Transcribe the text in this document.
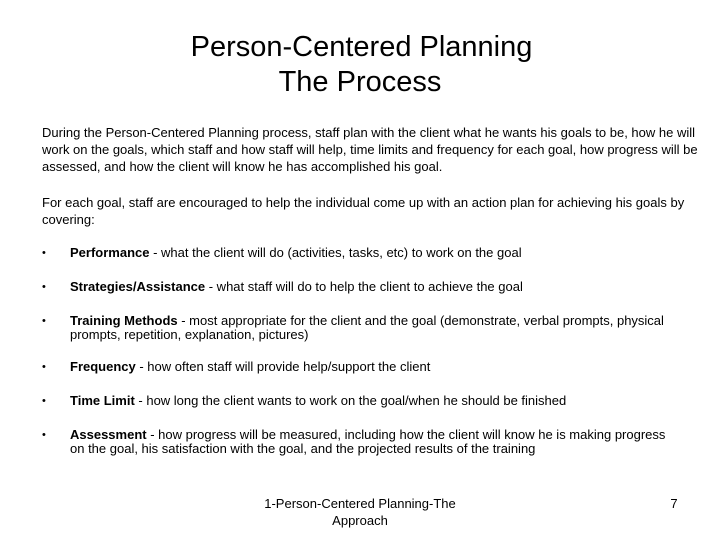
Person-Centered Planning
The Process

During the Person-Centered Planning process, staff plan with the client what he wants his goals to be, how he will work on the goals, which staff and how staff will help, time limits and frequency for each goal, how progress will be assessed, and how the client will know he has accomplished his goal.

For each goal, staff are encouraged to help the individual come up with an action plan for achieving his goals by covering:

• Performance - what the client will do (activities, tasks, etc) to work on the goal
• Strategies/Assistance - what staff will do to help the client to achieve the goal
• Training Methods - most appropriate for the client and the goal (demonstrate, verbal prompts, physical prompts, repetition, explanation, pictures)
• Frequency - how often staff will provide help/support the client
• Time Limit - how long the client wants to work on the goal/when he should be finished
• Assessment - how progress will be measured, including how the client will know he is making progress on the goal, his satisfaction with the goal, and the projected results of the training
1-Person-Centered Planning-The Approach
7
